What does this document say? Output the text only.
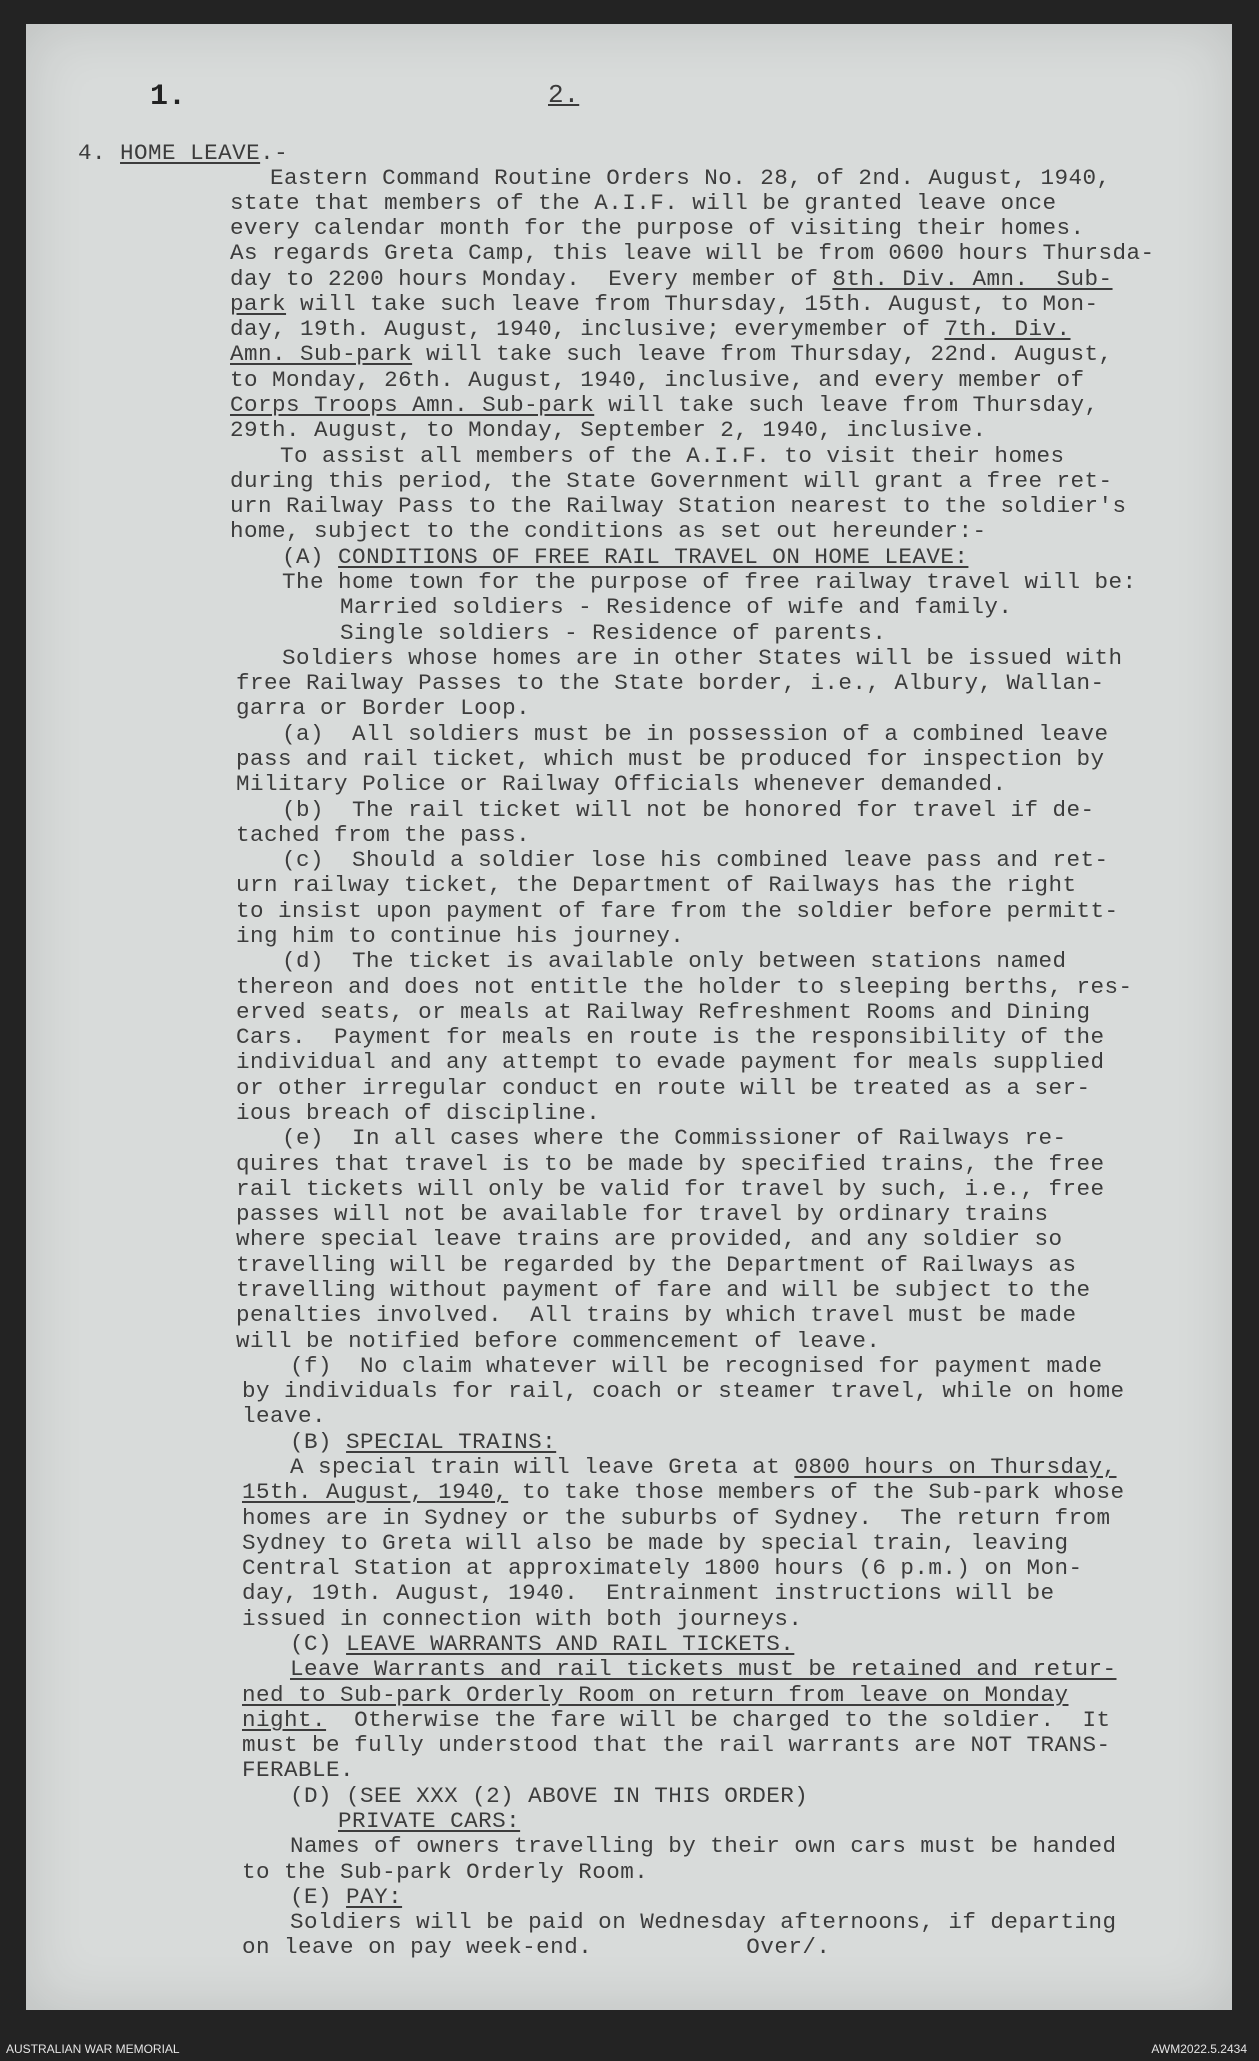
1.	2.
4. HOME LEAVE.-
Eastern Command Routine Orders No. 28, of 2nd. August, 1940,
state that members of the A.I.F. will be granted leave once
every calendar month for the purpose of visiting their homes.
As regards Greta Camp, this leave will be from 0600 hours Thursda-
day to 2200 hours Monday.  Every member of 8th. Div. Amn.  Sub-
park will take such leave from Thursday, 15th. August, to Mon-
day, 19th. August, 1940, inclusive; everymember of 7th. Div.
Amn. Sub-park will take such leave from Thursday, 22nd. August,
to Monday, 26th. August, 1940, inclusive, and every member of
Corps Troops Amn. Sub-park will take such leave from Thursday,
29th. August, to Monday, September 2, 1940, inclusive.
To assist all members of the A.I.F. to visit their homes
during this period, the State Government will grant a free ret-
urn Railway Pass to the Railway Station nearest to the soldier's
home, subject to the conditions as set out hereunder:-
(A) CONDITIONS OF FREE RAIL TRAVEL ON HOME LEAVE:
The home town for the purpose of free railway travel will be:
Married soldiers - Residence of wife and family.
Single soldiers - Residence of parents.
Soldiers whose homes are in other States will be issued with
free Railway Passes to the State border, i.e., Albury, Wallan-
garra or Border Loop.
(a)  All soldiers must be in possession of a combined leave
pass and rail ticket, which must be produced for inspection by
Military Police or Railway Officials whenever demanded.
(b)  The rail ticket will not be honored for travel if de-
tached from the pass.
(c)  Should a soldier lose his combined leave pass and ret-
urn railway ticket, the Department of Railways has the right
to insist upon payment of fare from the soldier before permitt-
ing him to continue his journey.
(d)  The ticket is available only between stations named
thereon and does not entitle the holder to sleeping berths, res-
erved seats, or meals at Railway Refreshment Rooms and Dining
Cars.  Payment for meals en route is the responsibility of the
individual and any attempt to evade payment for meals supplied
or other irregular conduct en route will be treated as a ser-
ious breach of discipline.
(e)  In all cases where the Commissioner of Railways re-
quires that travel is to be made by specified trains, the free
rail tickets will only be valid for travel by such, i.e., free
passes will not be available for travel by ordinary trains
where special leave trains are provided, and any soldier so
travelling will be regarded by the Department of Railways as
travelling without payment of fare and will be subject to the
penalties involved.  All trains by which travel must be made
will be notified before commencement of leave.
(f)  No claim whatever will be recognised for payment made
by individuals for rail, coach or steamer travel, while on home
leave.
(B) SPECIAL TRAINS:
A special train will leave Greta at 0800 hours on Thursday,
15th. August, 1940, to take those members of the Sub-park whose
homes are in Sydney or the suburbs of Sydney.  The return from
Sydney to Greta will also be made by special train, leaving
Central Station at approximately 1800 hours (6 p.m.) on Mon-
day, 19th. August, 1940.  Entrainment instructions will be
issued in connection with both journeys.
(C) LEAVE WARRANTS AND RAIL TICKETS.
Leave Warrants and rail tickets must be retained and retur-
ned to Sub-park Orderly Room on return from leave on Monday
night.  Otherwise the fare will be charged to the soldier.  It
must be fully understood that the rail warrants are NOT TRANS-
FERABLE.
(D) (SEE XXX (2) ABOVE IN THIS ORDER)
PRIVATE CARS:
Names of owners travelling by their own cars must be handed
to the Sub-park Orderly Room.
(E) PAY:
Soldiers will be paid on Wednesday afternoons, if departing
on leave on pay week-end.           Over/.
AUSTRALIAN WAR MEMORIAL	AWM2022.5.2434
